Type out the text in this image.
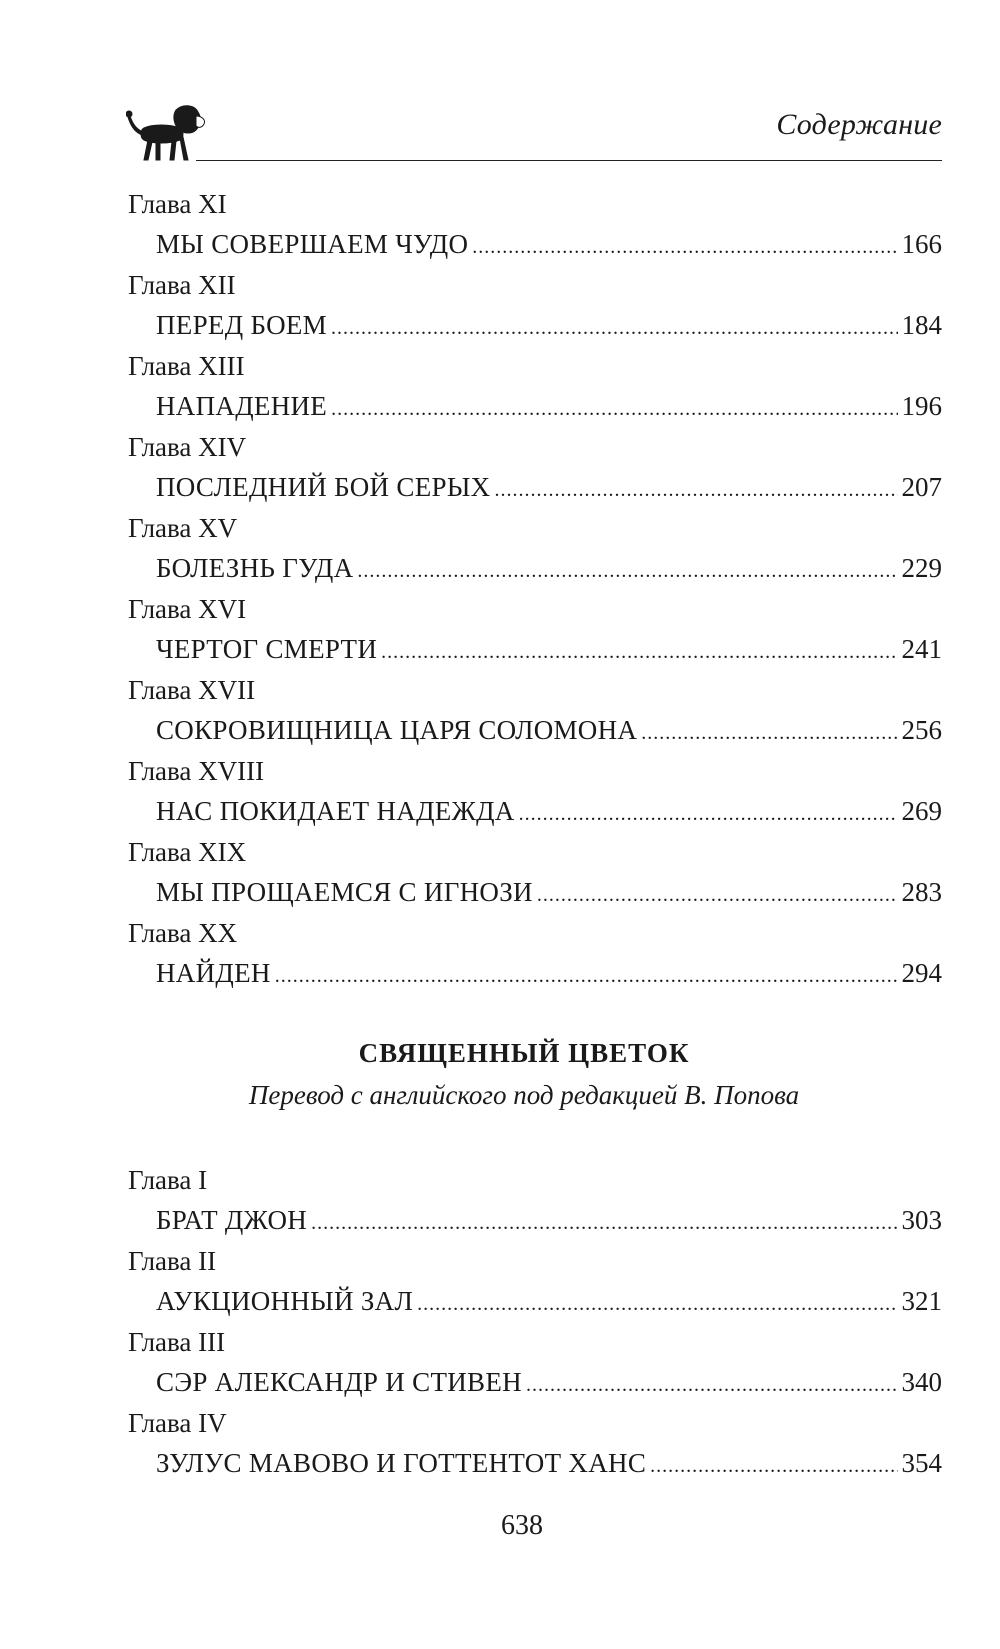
Содержание
Глава XI
МЫ СОВЕРШАЕМ ЧУДО . . .	166
Глава XII
ПЕРЕД БОЕМ . . .	184
Глава XIII
НАПАДЕНИЕ . . .	196
Глава XIV
ПОСЛЕДНИЙ БОЙ СЕРЫХ . . .	207
Глава XV
БОЛЕЗНЬ ГУДА . . .	229
Глава XVI
ЧЕРТОГ СМЕРТИ . . .	241
Глава XVII
СОКРОВИЩНИЦА ЦАРЯ СОЛОМОНА . . .	256
Глава XVIII
НАС ПОКИДАЕТ НАДЕЖДА . . .	269
Глава XIX
МЫ ПРОЩАЕМСЯ С ИГНОЗИ . . .	283
Глава XX
НАЙДЕН . . .	294
СВЯЩЕННЫЙ ЦВЕТОК
Перевод с английского под редакцией В. Попова
Глава I
БРАТ ДЖОН . . .	303
Глава II
АУКЦИОННЫЙ ЗАЛ . . .	321
Глава III
СЭР АЛЕКСАНДР И СТИВЕН . . .	340
Глава IV
ЗУЛУС МАВОВО И ГОТТЕНТОТ ХАНС . . .	354
638
